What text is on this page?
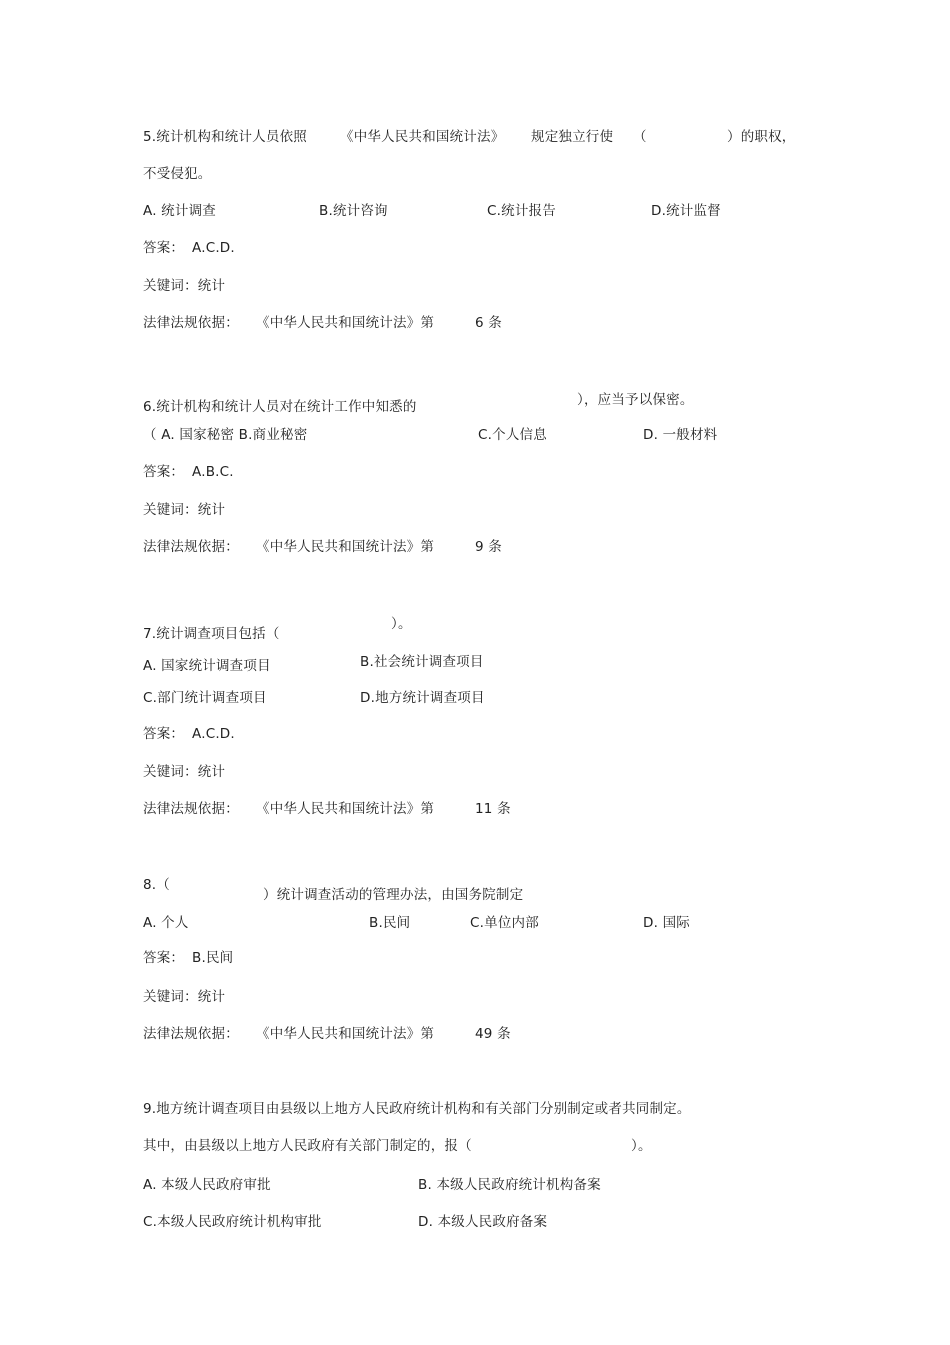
5.统计机构和统计人员依照 《中华人民共和国统计法》 规定独立行使 （	）的职权，
不受侵犯。
A. 统计调查	B.统计咨询	C.统计报告	D.统计监督
答案： A.C.D.
关键词：统计
法律法规依据： 《中华人民共和国统计法》第	6 条
6.统计机构和统计人员对在统计工作中知悉的	），应当予以保密。
（ A. 国家秘密 B.商业秘密	C.个人信息	D. 一般材料
答案： A.B.C.
关键词：统计
法律法规依据： 《中华人民共和国统计法》第	9 条
7.统计调查项目包括（
）。
A. 国家统计调查项目	B.社会统计调查项目
C.部门统计调查项目	D.地方统计调查项目
答案： A.C.D.
关键词：统计
法律法规依据： 《中华人民共和国统计法》第	11 条
8.（
）统计调查活动的管理办法，由国务院制定
A. 个人	B.民间	C.单位内部	D. 国际
答案： B.民间
关键词：统计
法律法规依据： 《中华人民共和国统计法》第	49 条
9.地方统计调查项目由县级以上地方人民政府统计机构和有关部门分别制定或者共同制定。
其中，由县级以上地方人民政府有关部门制定的，报（	）。
A. 本级人民政府审批	B. 本级人民政府统计机构备案
C.本级人民政府统计机构审批	D. 本级人民政府备案
